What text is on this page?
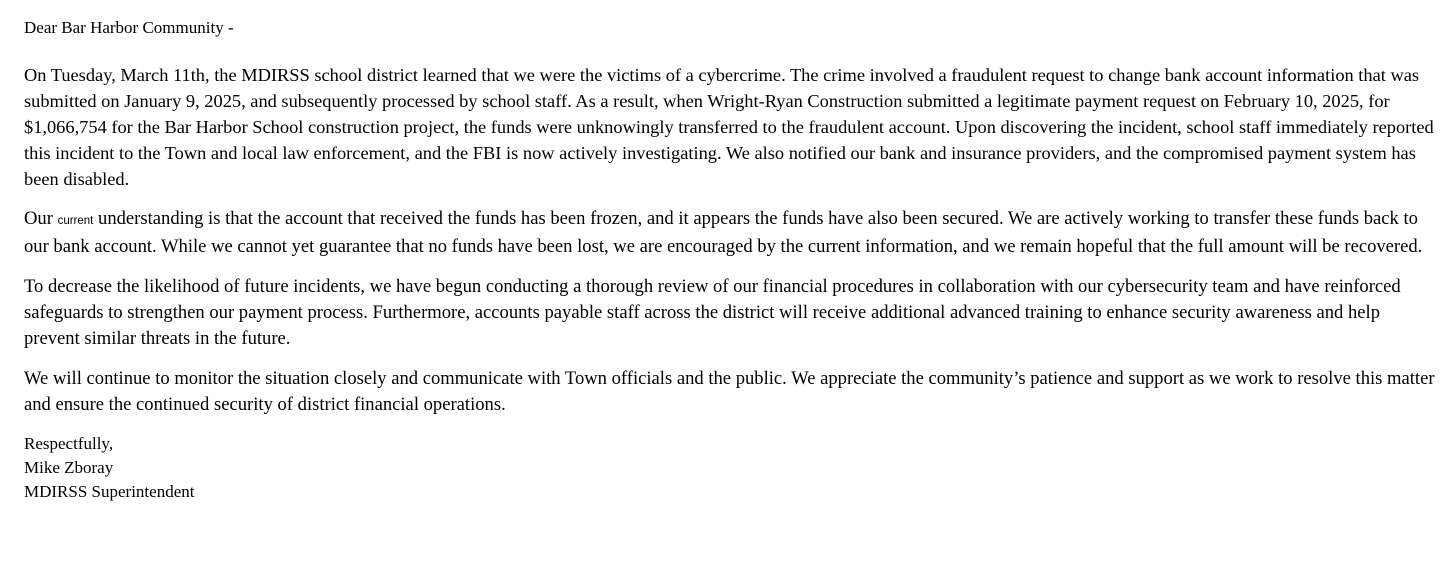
Dear Bar Harbor Community -

On Tuesday, March 11th, the MDIRSS school district learned that we were the victims of a cybercrime. The crime involved a fraudulent request to change bank account information that was submitted on January 9, 2025, and subsequently processed by school staff. As a result, when Wright-Ryan Construction submitted a legitimate payment request on February 10, 2025, for $1,066,754 for the Bar Harbor School construction project, the funds were unknowingly transferred to the fraudulent account. Upon discovering the incident, school staff immediately reported this incident to the Town and local law enforcement, and the FBI is now actively investigating. We also notified our bank and insurance providers, and the compromised payment system has been disabled.

Our current understanding is that the account that received the funds has been frozen, and it appears the funds have also been secured. We are actively working to transfer these funds back to our bank account. While we cannot yet guarantee that no funds have been lost, we are encouraged by the current information, and we remain hopeful that the full amount will be recovered.

To decrease the likelihood of future incidents, we have begun conducting a thorough review of our financial procedures in collaboration with our cybersecurity team and have reinforced safeguards to strengthen our payment process. Furthermore, accounts payable staff across the district will receive additional advanced training to enhance security awareness and help prevent similar threats in the future.

We will continue to monitor the situation closely and communicate with Town officials and the public. We appreciate the community’s patience and support as we work to resolve this matter and ensure the continued security of district financial operations.

Respectfully,
Mike Zboray
MDIRSS Superintendent
